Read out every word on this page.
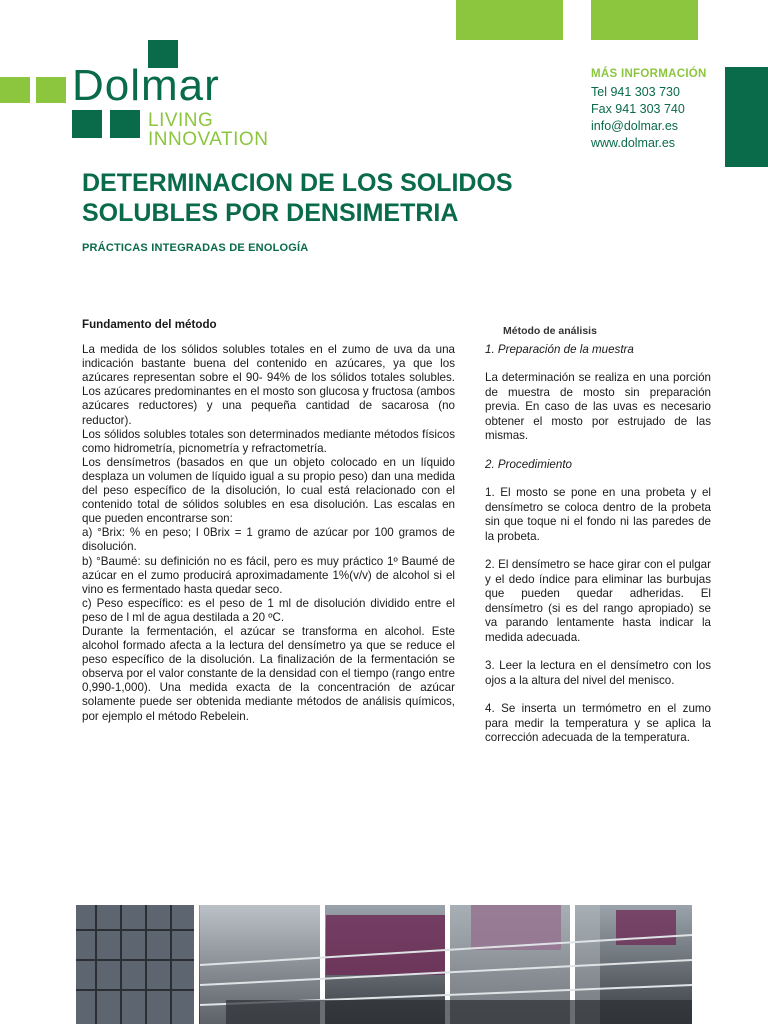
Dolmar
LIVING
INNOVATION
MÁS INFORMACIÓN
Tel 941 303 730
Fax 941 303 740
info@dolmar.es
www.dolmar.es
DETERMINACION DE LOS SOLIDOS SOLUBLES POR DENSIMETRIA
PRÁCTICAS INTEGRADAS DE ENOLOGÍA
Fundamento del método

La medida de los sólidos solubles totales en el zumo de uva da una indicación bastante buena del contenido en azúcares, ya que los azúcares representan sobre el 90- 94% de los sólidos totales solubles. Los azúcares predominantes en el mosto son glucosa y fructosa (ambos azúcares reductores) y una pequeña cantidad de sacarosa (no reductor).

Los sólidos solubles totales son determinados mediante métodos físicos como hidrometría, picnometría y refractometría.

Los densímetros (basados en que un objeto colocado en un líquido desplaza un volumen de líquido igual a su propio peso) dan una medida del peso específico de la disolución, lo cual está relacionado con el contenido total de sólidos solubles en esa disolución. Las escalas en que pueden encontrarse son:

a) °Brix: % en peso; l 0Brix = 1 gramo de azúcar por 100 gramos de disolución.

b) °Baumé: su definición no es fácil, pero es muy práctico 1º Baumé de azúcar en el zumo producirá aproximadamente 1%(v/v) de alcohol si el vino es fermentado hasta quedar seco.

c) Peso específico: es el peso de 1 ml de disolución dividido entre el peso de l ml de agua destilada a 20 ºC.

Durante la fermentación, el azúcar se transforma en alcohol. Este alcohol formado afecta a la lectura del densímetro ya que se reduce el peso específico de la disolución. La finalización de la fermentación se observa por el valor constante de la densidad con el tiempo (rango entre 0,990-1,000). Una medida exacta de la concentración de azúcar solamente puede ser obtenida mediante métodos de análisis químicos, por ejemplo el método Rebelein.

Método de análisis

1. Preparación de la muestra

La determinación se realiza en una porción de muestra de mosto sin preparación previa. En caso de las uvas es necesario obtener el mosto por estrujado de las mismas.

2. Procedimiento

1. El mosto se pone en una probeta y el densímetro se coloca dentro de la probeta sin que toque ni el fondo ni las paredes de la probeta.

2. El densímetro se hace girar con el pulgar y el dedo índice para eliminar las burbujas que pueden quedar adheridas. El densímetro (si es del rango apropiado) se va parando lentamente hasta indicar la medida adecuada.

3. Leer la lectura en el densímetro con los ojos a la altura del nivel del menisco.

4. Se inserta un termómetro en el zumo para medir la temperatura y se aplica la corrección adecuada de la temperatura.
